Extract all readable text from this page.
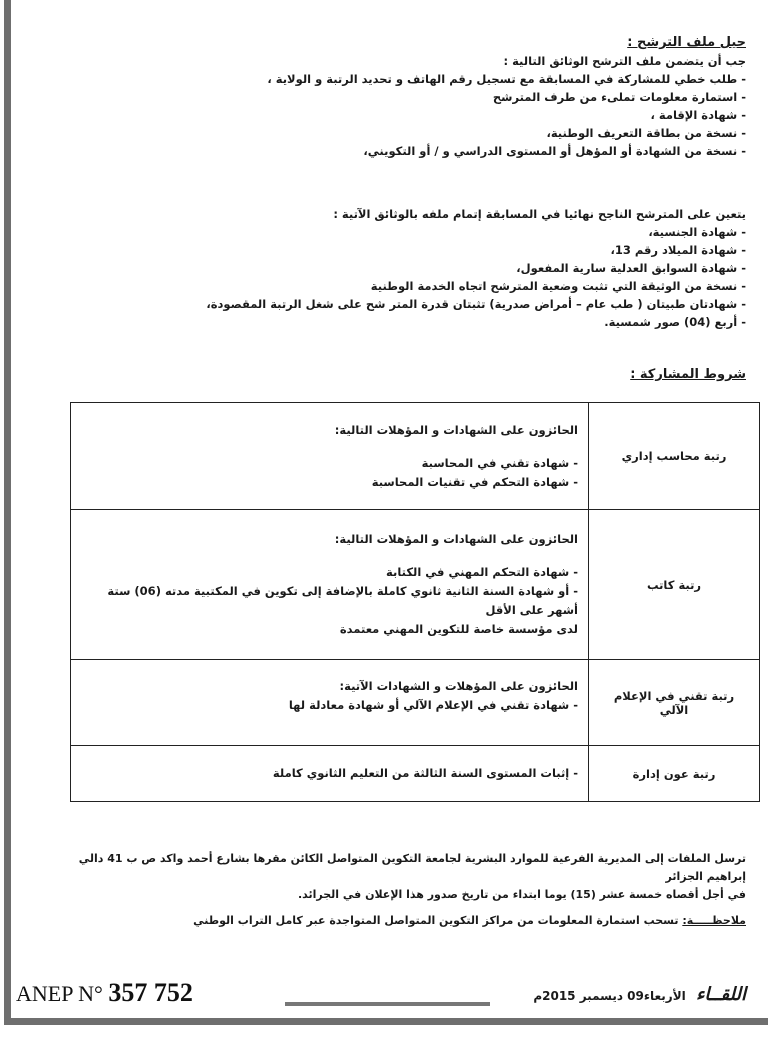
حيل ملف الترشح :
جب أن يتضمن ملف الترشح الوثائق التالية :
- طلب خطي للمشاركة في المسابقة مع تسجيل رقم الهاتف و تحديد الرتبة و الولاية ،
- استمارة معلومات تملىء من طرف المترشح
- شهادة الإقامة ،
- نسخة من بطاقة التعريف الوطنية،
- نسخة من الشهادة أو المؤهل أو المستوى الدراسي و / أو التكويني،
يتعين على المترشح الناجح نهائيا في المسابقة إتمام ملفه بالوثائق الآتية :
- شهادة الجنسية،
- شهادة الميلاد رقم 13،
- شهادة السوابق العدلية سارية المفعول،
- نسخة من الوثيقة التي تثبت وضعية المترشح اتجاه الخدمة الوطنية
- شهادتان طبيتان ( طب عام – أمراض صدرية) تثبتان قدرة المتر شح على شغل الرتبة المقصودة،
- أربع (04) صور شمسية.
شروط المشاركة :
رتبة محاسب إداري	الحائزون على الشهادات و المؤهلات التالية:
- شهادة تقني في المحاسبة
- شهادة التحكم في تقنيات المحاسبة

رتبة كاتب	الحائزون على الشهادات و المؤهلات التالية:
- شهادة التحكم المهني في الكتابة
- أو شهادة السنة الثانية ثانوي كاملة بالإضافة إلى تكوين في المكتبية مدته (06) ستة أشهر على الأقل
لدى مؤسسة خاصة للتكوين المهني معتمدة

رتبة تقني في الإعلام الآلي	الحائزون على المؤهلات و الشهادات الآتية:
- شهادة تقني في الإعلام الآلي أو شهادة معادلة لها

رتبة عون إدارة	- إثبات المستوى السنة الثالثة من التعليم الثانوي كاملة
ترسل الملفات إلى المديرية الفرعية للموارد البشرية لجامعة التكوين المتواصل الكائن مقرها بشارع أحمد واكد ص ب 41 دالي إبراهيم الجزائر
في أجل أقصاه خمسة عشر (15) يوما ابتداء من تاريخ صدور هذا الإعلان في الجرائد.
ملاحظـــــة: تسحب استمارة المعلومات من مراكز التكوين المتواصل المتواجدة عبر كامل التراب الوطني
ANEP N° 357 752	اللقــاء الأربعاء09 ديسمبر 2015م
